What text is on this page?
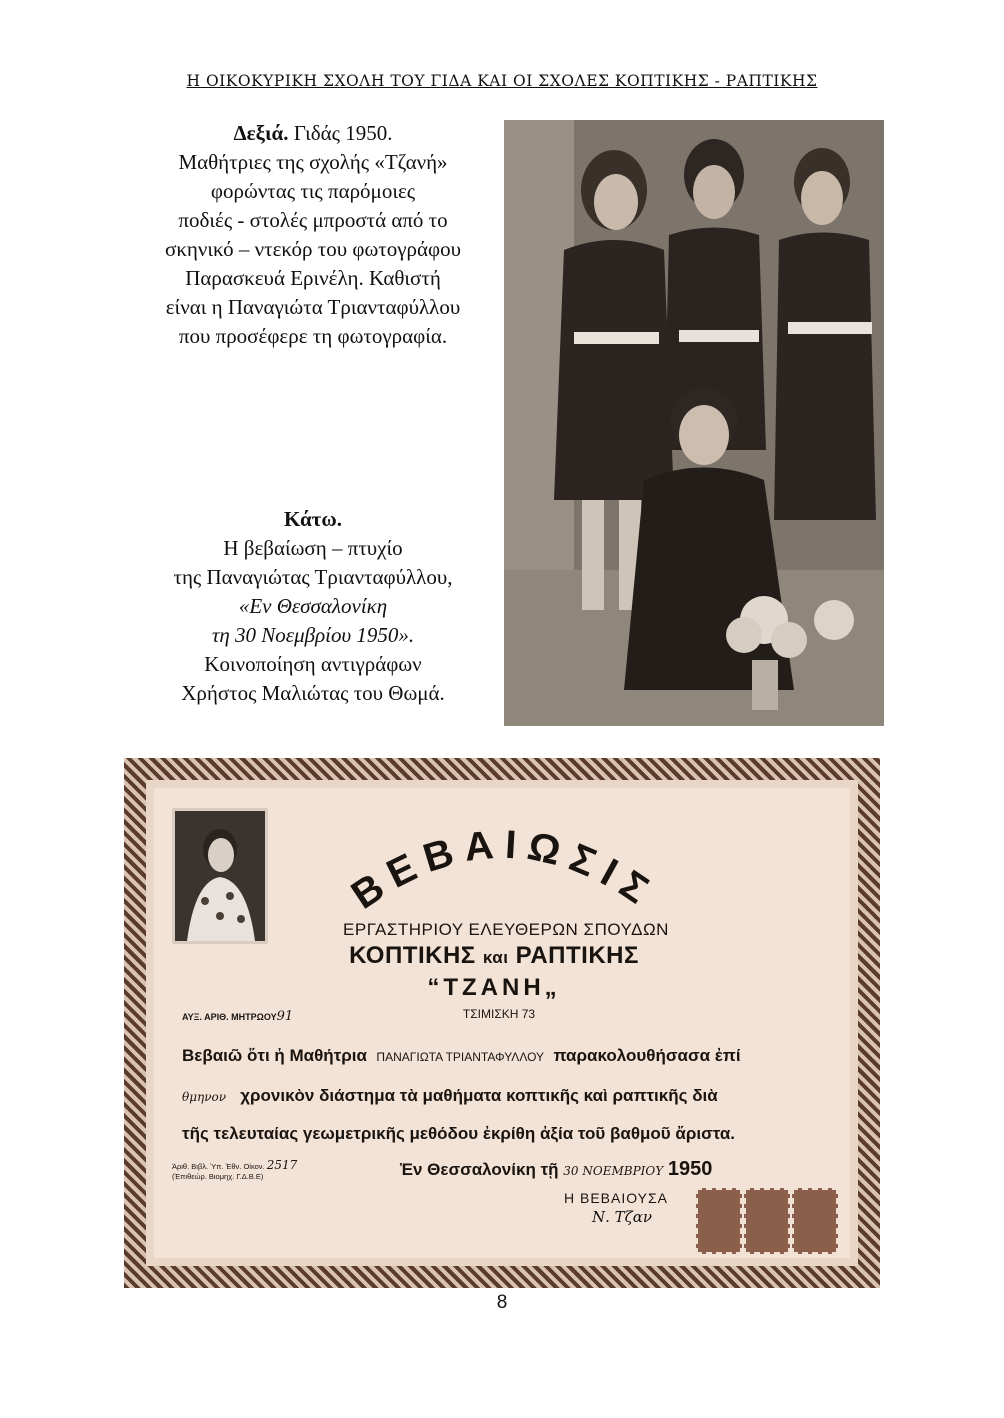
Η ΟΙΚΟΚΥΡΙΚΗ ΣΧΟΛΗ ΤΟΥ ΓΙΔΑ ΚΑΙ ΟΙ ΣΧΟΛΕΣ ΚΟΠΤΙΚΗΣ - ΡΑΠΤΙΚΗΣ
Δεξιά. Γιδάς 1950.
Μαθήτριες της σχολής «Τζανή»
φορώντας τις παρόμοιες
ποδιές - στολές μπροστά από το
σκηνικό – ντεκόρ του φωτογράφου
Παρασκευά Ερινέλη. Καθιστή
είναι η Παναγιώτα Τριανταφύλλου
που προσέφερε τη φωτογραφία.
Κάτω.
Η βεβαίωση – πτυχίο
της Παναγιώτας Τριανταφύλλου,
«Εν Θεσσαλονίκη
τη 30 Νοεμβρίου 1950».
Κοινοποίηση αντιγράφων
Χρήστος Μαλιώτας του Θωμά.
ΒΕΒΑΙΩΣΙΣ
ΕΡΓΑΣΤΗΡΙΟΥ ΕΛΕΥΘΕΡΩΝ ΣΠΟΥΔΩΝ
ΚΟΠΤΙΚΗΣ και ΡΑΠΤΙΚΗΣ
“ΤΖΑΝΗ„
ΤΣΙΜΙΣΚΗ 73
ΑΥΞ. ΑΡΙΘ. ΜΗΤΡΩΟΥ91
Βεβαιῶ ὅτι ἡ Μαθήτρια ΠΑΝΑΓΙΩΤΑ ΤΡΙΑΝΤΑΦΥΛΛΟΥ παρακολουθήσασα ἐπί
θμηνον χρονικὸν διάστημα τὰ μαθήματα κοπτικῆς καὶ ραπτικῆς διὰ
τῆς τελευταίας γεωμετρικῆς μεθόδου ἐκρίθη ἀξία τοῦ βαθμοῦ ἄριστα.
Ἀριθ. Βιβλ. Ὑπ. Ἐθν. Οἰκον. 2517
(Ἐπιθεώρ. Βιομηχ. Γ.Δ.Β.Ε)	Ἐν Θεσσαλονίκη τῇ 30 ΝΟΕΜΒΡΙΟΥ 1950
Η ΒΕΒΑΙΟΥΣΑ
Ν. Τζαν
8
